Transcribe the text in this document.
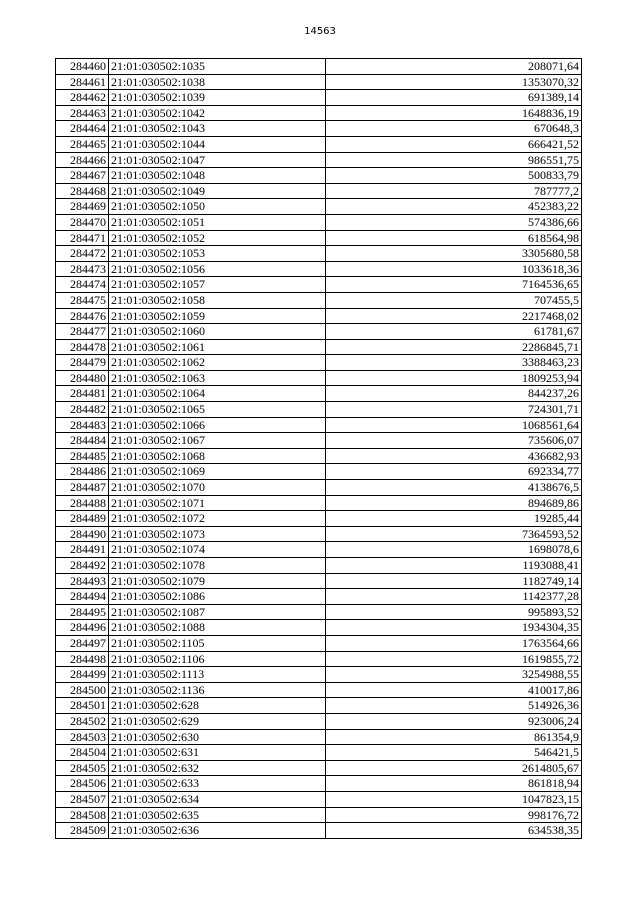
14563
284460	21:01:030502:1035	208071,64
284461	21:01:030502:1038	1353070,32
284462	21:01:030502:1039	691389,14
284463	21:01:030502:1042	1648836,19
284464	21:01:030502:1043	670648,3
284465	21:01:030502:1044	666421,52
284466	21:01:030502:1047	986551,75
284467	21:01:030502:1048	500833,79
284468	21:01:030502:1049	787777,2
284469	21:01:030502:1050	452383,22
284470	21:01:030502:1051	574386,66
284471	21:01:030502:1052	618564,98
284472	21:01:030502:1053	3305680,58
284473	21:01:030502:1056	1033618,36
284474	21:01:030502:1057	7164536,65
284475	21:01:030502:1058	707455,5
284476	21:01:030502:1059	2217468,02
284477	21:01:030502:1060	61781,67
284478	21:01:030502:1061	2286845,71
284479	21:01:030502:1062	3388463,23
284480	21:01:030502:1063	1809253,94
284481	21:01:030502:1064	844237,26
284482	21:01:030502:1065	724301,71
284483	21:01:030502:1066	1068561,64
284484	21:01:030502:1067	735606,07
284485	21:01:030502:1068	436682,93
284486	21:01:030502:1069	692334,77
284487	21:01:030502:1070	4138676,5
284488	21:01:030502:1071	894689,86
284489	21:01:030502:1072	19285,44
284490	21:01:030502:1073	7364593,52
284491	21:01:030502:1074	1698078,6
284492	21:01:030502:1078	1193088,41
284493	21:01:030502:1079	1182749,14
284494	21:01:030502:1086	1142377,28
284495	21:01:030502:1087	995893,52
284496	21:01:030502:1088	1934304,35
284497	21:01:030502:1105	1763564,66
284498	21:01:030502:1106	1619855,72
284499	21:01:030502:1113	3254988,55
284500	21:01:030502:1136	410017,86
284501	21:01:030502:628	514926,36
284502	21:01:030502:629	923006,24
284503	21:01:030502:630	861354,9
284504	21:01:030502:631	546421,5
284505	21:01:030502:632	2614805,67
284506	21:01:030502:633	861818,94
284507	21:01:030502:634	1047823,15
284508	21:01:030502:635	998176,72
284509	21:01:030502:636	634538,35
